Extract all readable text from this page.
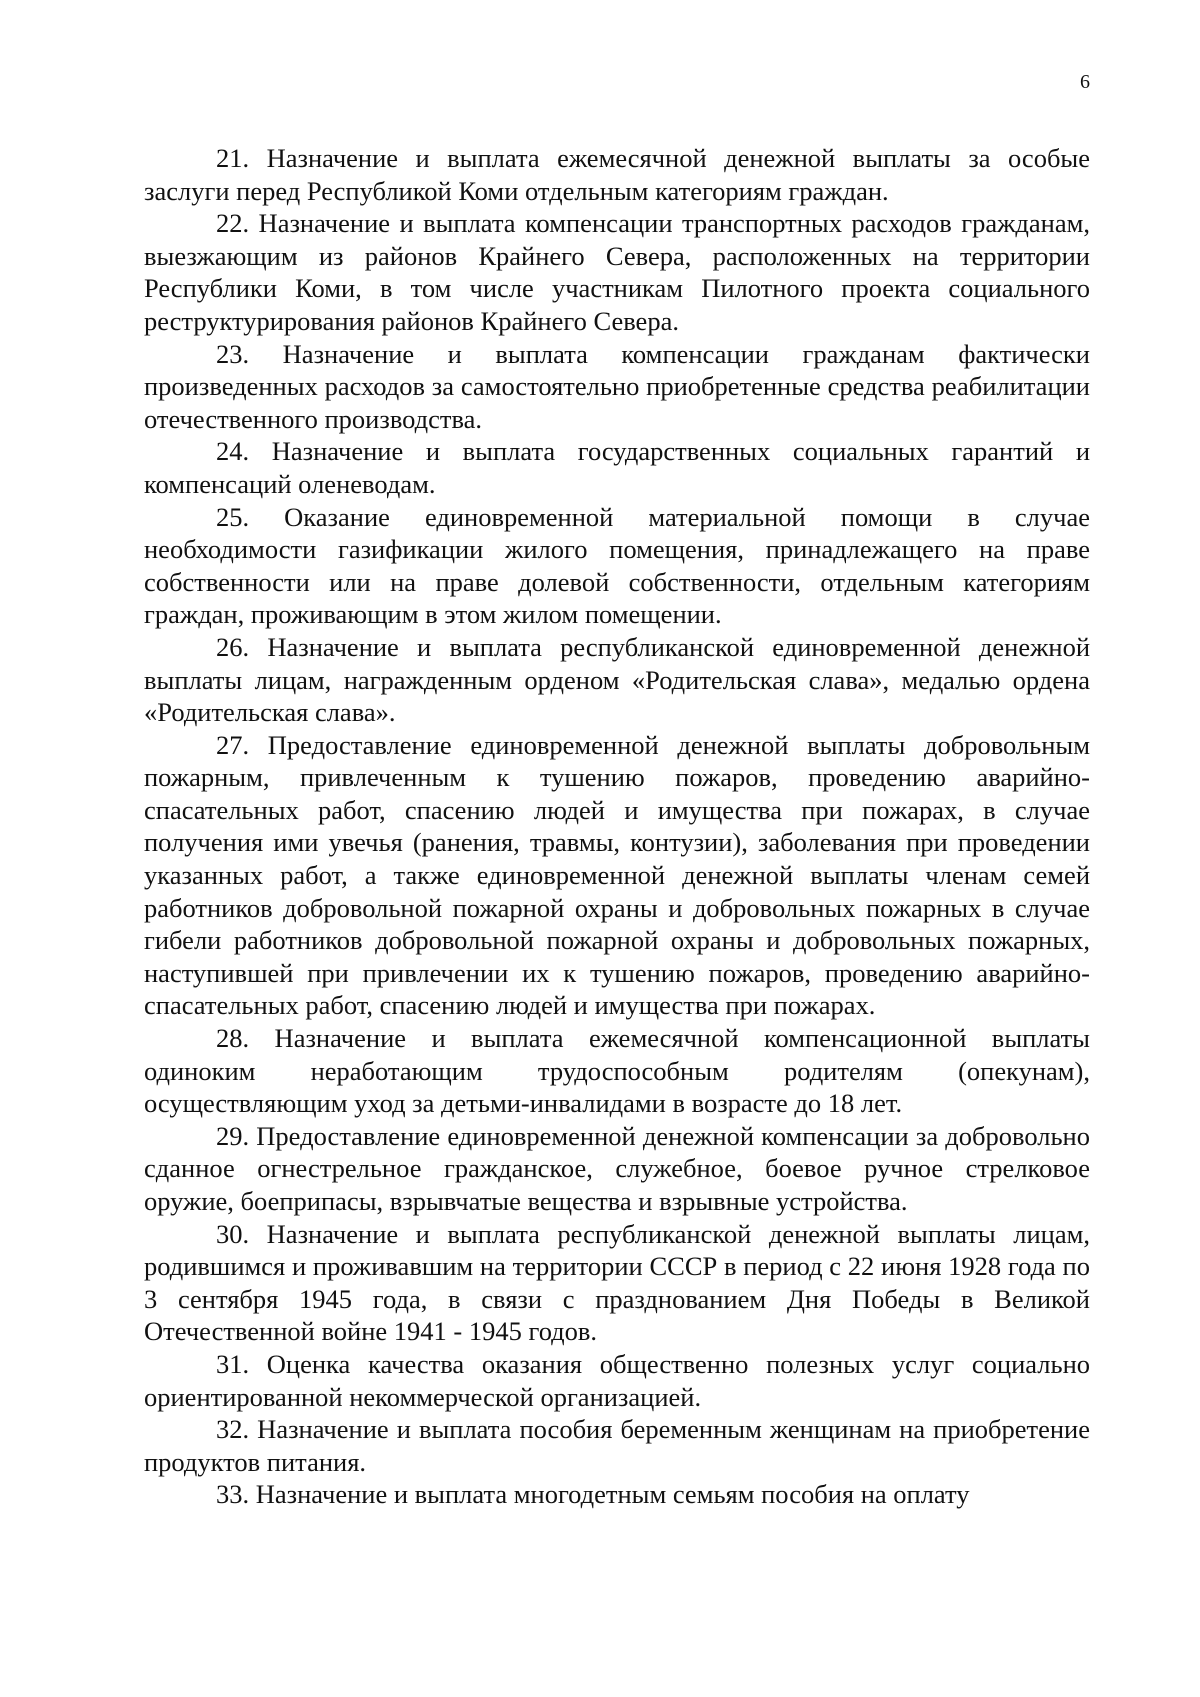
6

21. Назначение и выплата ежемесячной денежной выплаты за особые заслуги перед Республикой Коми отдельным категориям граждан.

22. Назначение и выплата компенсации транспортных расходов гражданам, выезжающим из районов Крайнего Севера, расположенных на территории Республики Коми, в том числе участникам Пилотного проекта социального реструктурирования районов Крайнего Севера.

23. Назначение и выплата компенсации гражданам фактически произведенных расходов за самостоятельно приобретенные средства реабилитации отечественного производства.

24. Назначение и выплата государственных социальных гарантий и компенсаций оленеводам.

25. Оказание единовременной материальной помощи в случае необходимости газификации жилого помещения, принадлежащего на праве собственности или на праве долевой собственности, отдельным категориям граждан, проживающим в этом жилом помещении.

26. Назначение и выплата республиканской единовременной денежной выплаты лицам, награжденным орденом «Родительская слава», медалью ордена «Родительская слава».

27. Предоставление единовременной денежной выплаты добровольным пожарным, привлеченным к тушению пожаров, проведению аварийно-спасательных работ, спасению людей и имущества при пожарах, в случае получения ими увечья (ранения, травмы, контузии), заболевания при проведении указанных работ, а также единовременной денежной выплаты членам семей работников добровольной пожарной охраны и добровольных пожарных в случае гибели работников добровольной пожарной охраны и добровольных пожарных, наступившей при привлечении их к тушению пожаров, проведению аварийно-спасательных работ, спасению людей и имущества при пожарах.

28. Назначение и выплата ежемесячной компенсационной выплаты одиноким неработающим трудоспособным родителям (опекунам), осуществляющим уход за детьми-инвалидами в возрасте до 18 лет.

29. Предоставление единовременной денежной компенсации за добровольно сданное огнестрельное гражданское, служебное, боевое ручное стрелковое оружие, боеприпасы, взрывчатые вещества и взрывные устройства.

30. Назначение и выплата республиканской денежной выплаты лицам, родившимся и проживавшим на территории СССР в период с 22 июня 1928 года по 3 сентября 1945 года, в связи с празднованием Дня Победы в Великой Отечественной войне 1941 - 1945 годов.

31. Оценка качества оказания общественно полезных услуг социально ориентированной некоммерческой организацией.

32. Назначение и выплата пособия беременным женщинам на приобретение продуктов питания.

33. Назначение и выплата многодетным семьям пособия на оплату
